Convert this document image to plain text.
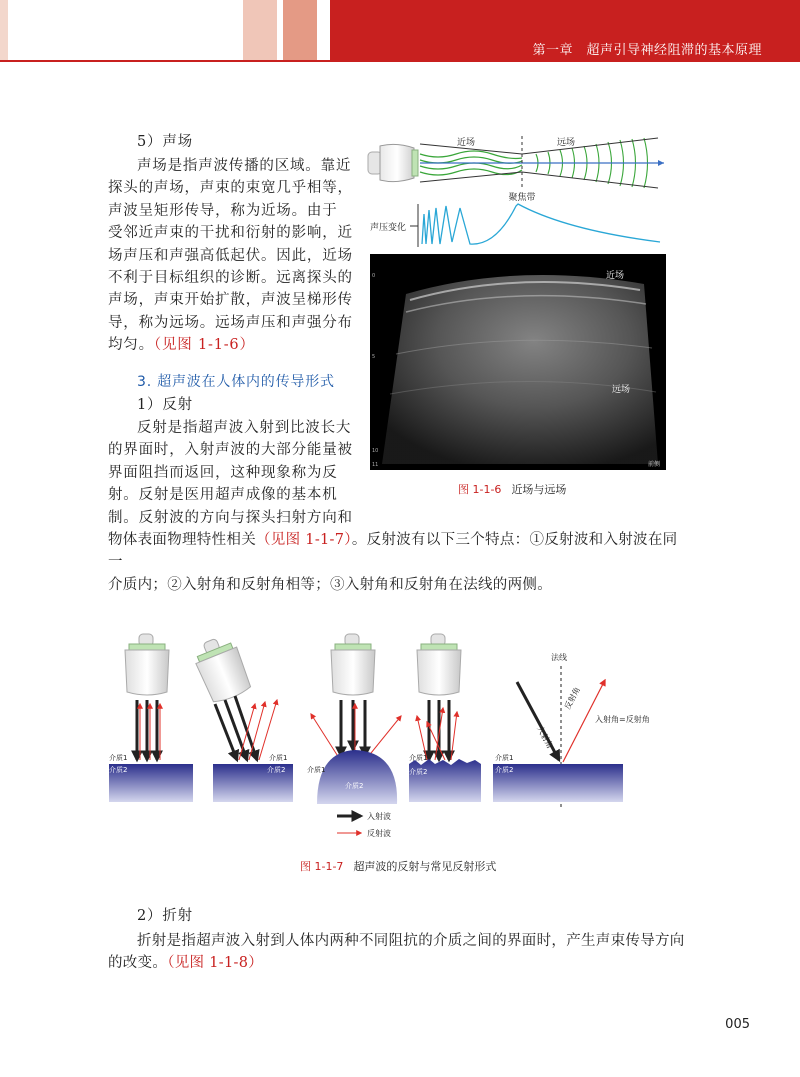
第一章　超声引导神经阻滞的基本原理
5）声场
声场是指声波传播的区域。靠近
探头的声场，声束的束宽几乎相等，
声波呈矩形传导，称为近场。由于
受邻近声束的干扰和衍射的影响，近
场声压和声强高低起伏。因此，近场
不利于目标组织的诊断。远离探头的
声场，声束开始扩散，声波呈梯形传
导，称为远场。远场声压和声强分布
均匀。（见图 1-1-6）
3. 超声波在人体内的传导形式
1）反射
反射是指超声波入射到比波长大
的界面时，入射声波的大部分能量被
界面阻挡而返回，这种现象称为反
射。反射是医用超声成像的基本机
制。反射波的方向与探头扫射方向和
物体表面物理特性相关（见图 1-1-7）。反射波有以下三个特点：①反射波和入射波在同一
介质内；②入射角和反射角相等；③入射角和反射角在法线的两侧。
近场	远场
聚焦带
声压变化
近场
远场
前侧
0
5
10
11
图 1-1-6 近场与远场
介质1
介质2
介质1
介质2	介质1
介质2
介质1
介质2
法线
入射角
反射角
入射角=反射角
介质1
介质2
入射波
反射波
图 1-1-7 超声波的反射与常见反射形式
2）折射
折射是指超声波入射到人体内两种不同阻抗的介质之间的界面时，产生声束传导方向
的改变。（见图 1-1-8）
005
